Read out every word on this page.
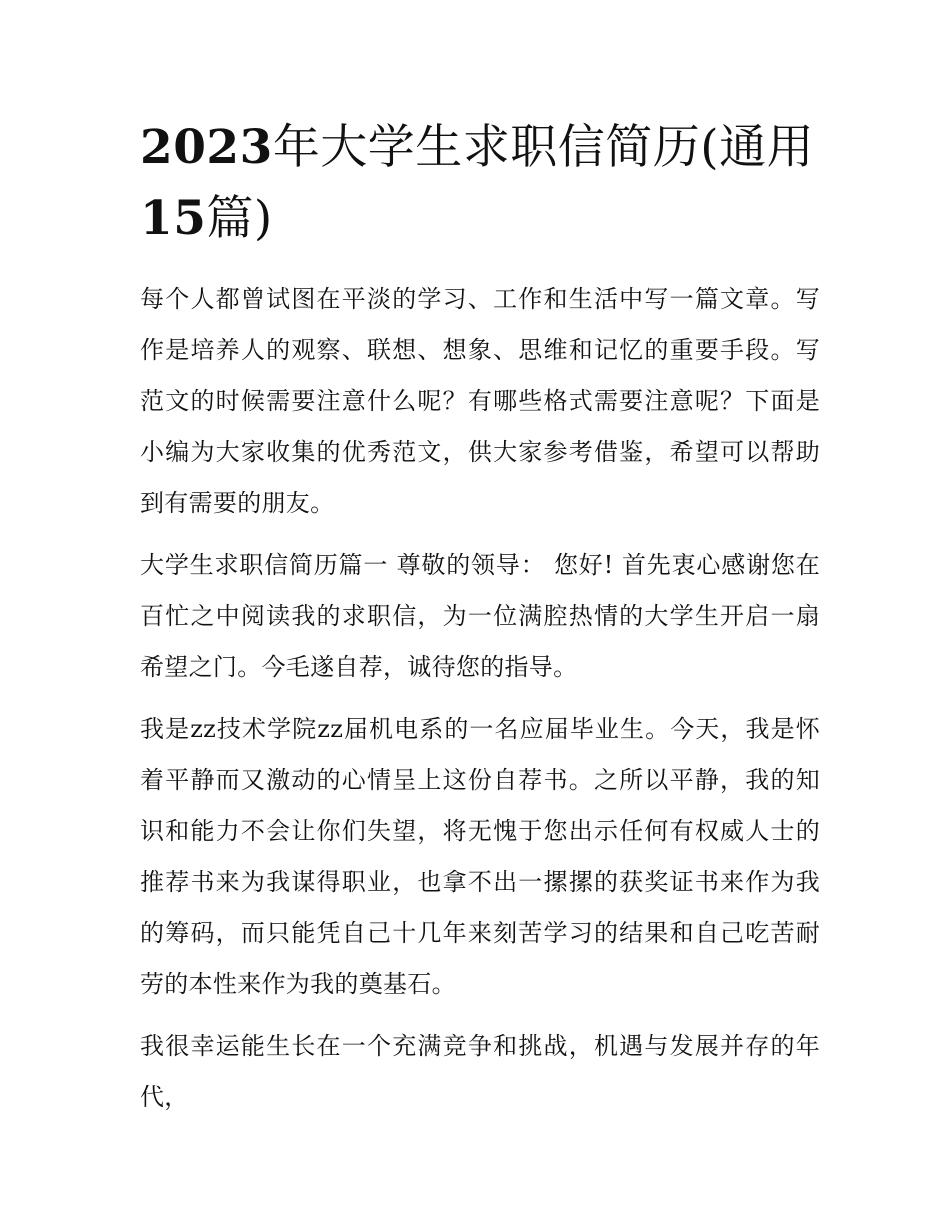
2023年大学生求职信简历(通用15篇)

每个人都曾试图在平淡的学习、工作和生活中写一篇文章。写作是培养人的观察、联想、想象、思维和记忆的重要手段。写范文的时候需要注意什么呢？有哪些格式需要注意呢？下面是小编为大家收集的优秀范文，供大家参考借鉴，希望可以帮助到有需要的朋友。

大学生求职信简历篇一 尊敬的领导： 您好! 首先衷心感谢您在百忙之中阅读我的求职信，为一位满腔热情的大学生开启一扇希望之门。今毛遂自荐，诚待您的指导。

我是zz技术学院zz届机电系的一名应届毕业生。今天，我是怀着平静而又激动的心情呈上这份自荐书。之所以平静，我的知识和能力不会让你们失望，将无愧于您出示任何有权威人士的推荐书来为我谋得职业，也拿不出一摞摞的获奖证书来作为我的筹码，而只能凭自己十几年来刻苦学习的结果和自己吃苦耐劳的本性来作为我的奠基石。

我很幸运能生长在一个充满竞争和挑战，机遇与发展并存的年代，
